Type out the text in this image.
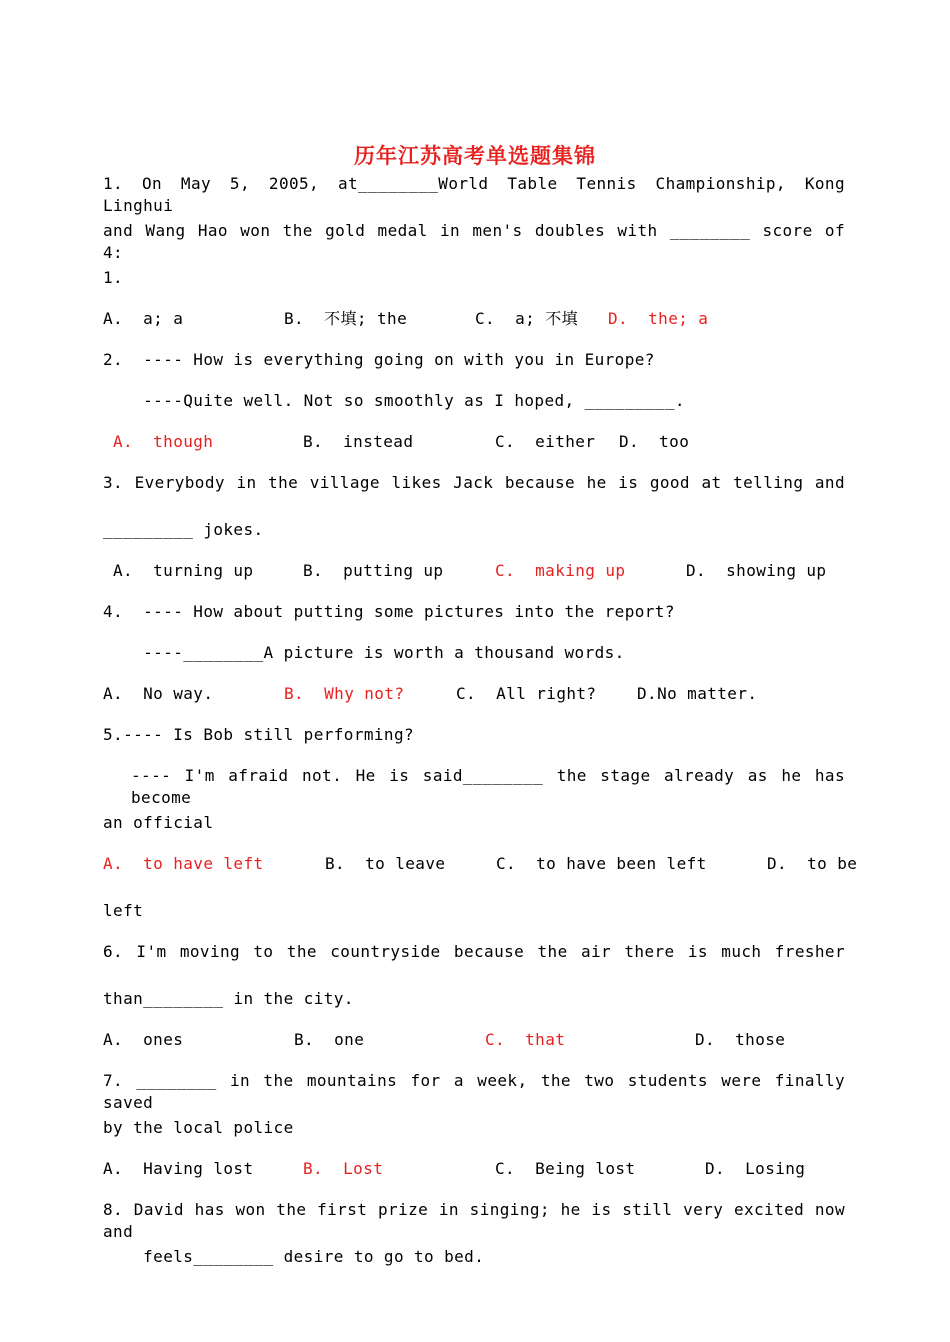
历年江苏高考单选题集锦
1. On May 5, 2005, at________World Table Tennis Championship, Kong Linghui
and Wang Hao won the gold medal in men's doubles with ________ score of 4:
1.
A.  a; a	B.  不填; the	C.  a; 不填 D.  the; a
2.  ---- How is everything going on with you in Europe?
----Quite well. Not so smoothly as I hoped, _________.
A.  though	B.  instead	C.  either D.  too
3. Everybody in the village likes Jack because he is good at telling and
_________ jokes.
A.  turning up	B.  putting up	C.  making up	D.  showing up
4.  ---- How about putting some pictures into the report?
----________A picture is worth a thousand words.
A.  No way.	B.  Why not?	C.  All right?	D.No matter.
5.---- Is Bob still performing?
---- I'm afraid not. He is said________ the stage already as he has become
an official
A.  to have left	B.  to leave	C.  to have been left	D.  to be
left
6. I'm moving to the countryside because the air there is much fresher
than________ in the city.
A.  ones	B.  one	C.  that	D.  those
7. ________ in the mountains for a week, the two students were finally saved
by the local police
A.  Having lost	B.  Lost	C.  Being lost	D.  Losing
8. David has won the first prize in singing; he is still very excited now and
feels________ desire to go to bed.
